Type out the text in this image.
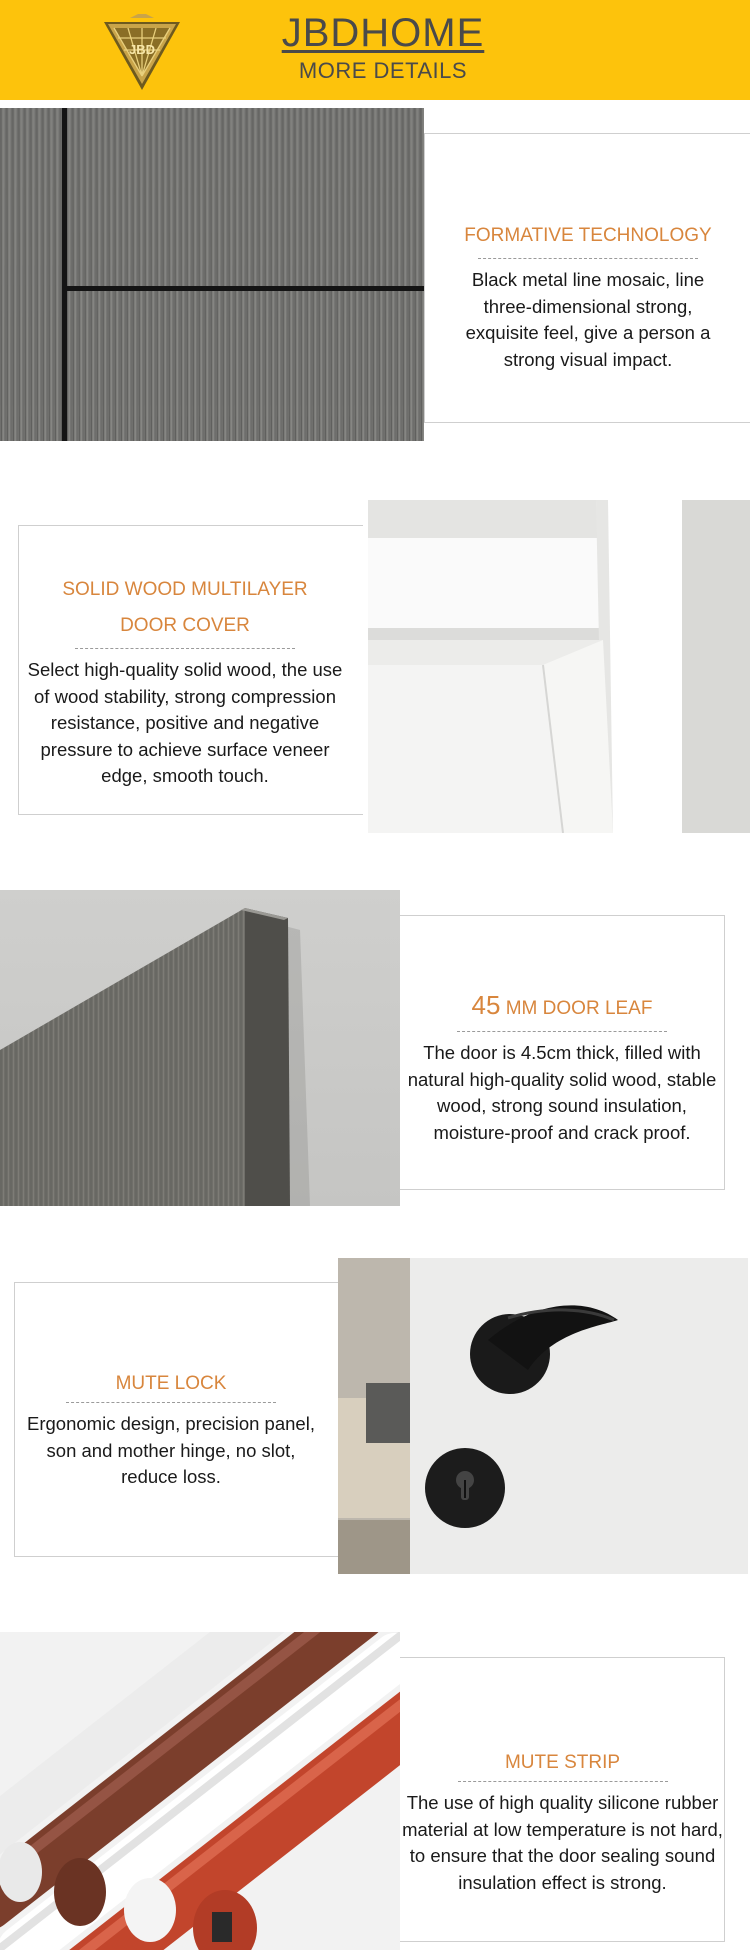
JBD	JBDHOME
MORE DETAILS
FORMATIVE TECHNOLOGY
Black metal line mosaic, line three-dimensional strong, exquisite feel, give a person a strong visual impact.
SOLID WOOD MULTILAYER
DOOR COVER
Select high-quality solid wood, the use of wood stability, strong compression resistance, positive and negative pressure to achieve surface veneer edge, smooth touch.
45 MM DOOR LEAF
The door is 4.5cm thick, filled with natural high-quality solid wood, stable wood, strong sound insulation, moisture-proof and crack proof.
MUTE LOCK
Ergonomic design, precision panel, son and mother hinge, no slot, reduce loss.
MUTE STRIP
The use of high quality silicone rubber material at low temperature is not hard, to ensure that the door sealing sound insulation effect is strong.
